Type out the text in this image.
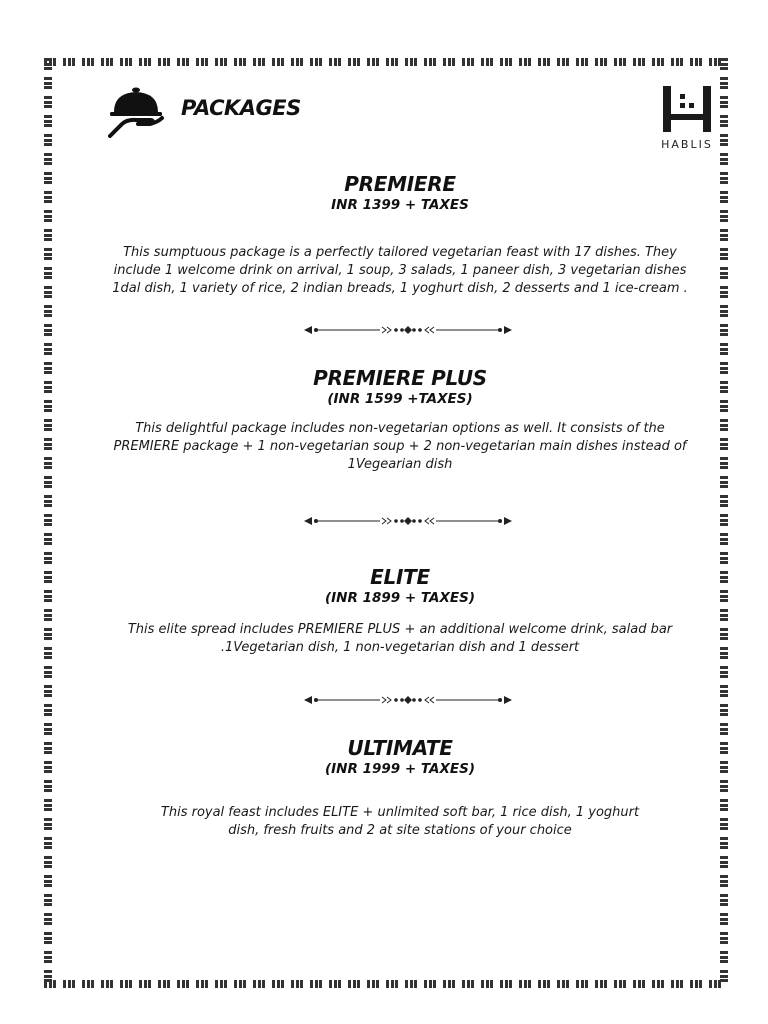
PACKAGES
HABLIS
PREMIERE
INR 1399 + TAXES
This sumptuous package is a perfectly tailored vegetarian feast with 17 dishes. They
include 1 welcome drink on arrival, 1 soup, 3 salads, 1 paneer dish, 3 vegetarian dishes
1dal dish, 1 variety of rice, 2 indian breads, 1 yoghurt dish, 2 desserts and 1 ice-cream .
PREMIERE PLUS
(INR 1599 +TAXES)
This delightful package includes non-vegetarian options as well. It consists of the
PREMIERE package + 1 non-vegetarian soup + 2 non-vegetarian main dishes instead of
1Vegearian dish
ELITE
(INR 1899 + TAXES)
This elite spread includes PREMIERE PLUS + an additional welcome drink, salad bar
.1Vegetarian dish, 1 non-vegetarian dish and 1 dessert
ULTIMATE
(INR 1999 + TAXES)
This royal feast includes ELITE + unlimited soft bar, 1 rice dish, 1 yoghurt
dish, fresh fruits and 2 at site stations of your choice
